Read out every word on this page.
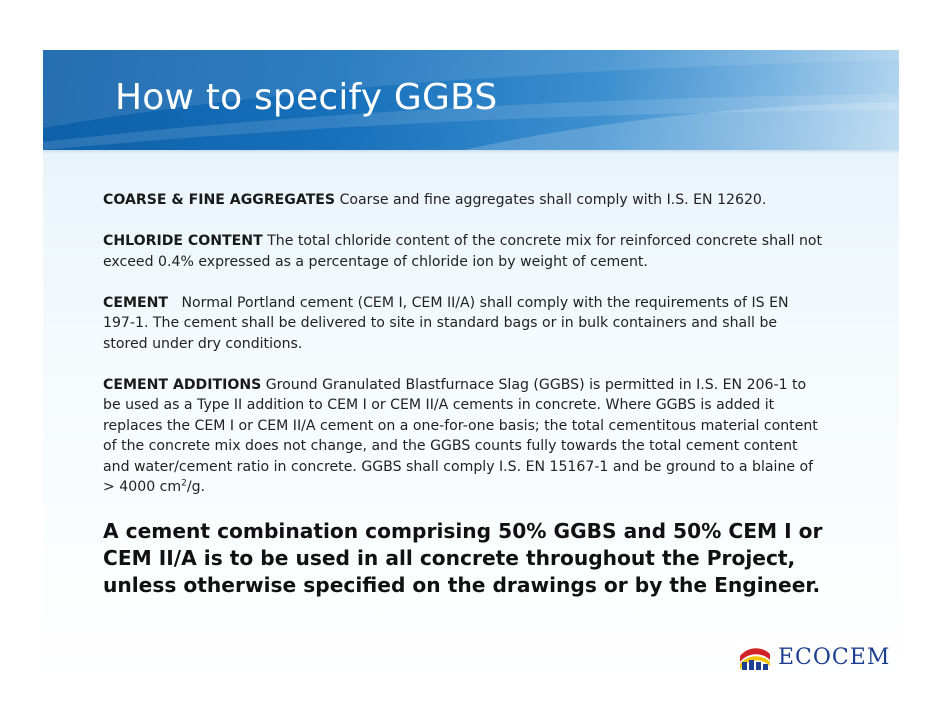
How to specify GGBS

COARSE & FINE AGGREGATES Coarse and fine aggregates shall comply with I.S. EN 12620.

CHLORIDE CONTENT The total chloride content of the concrete mix for reinforced concrete shall not exceed 0.4% expressed as a percentage of chloride ion by weight of cement.

CEMENT Normal Portland cement (CEM I, CEM II/A) shall comply with the requirements of IS EN 197-1. The cement shall be delivered to site in standard bags or in bulk containers and shall be stored under dry conditions.

CEMENT ADDITIONS Ground Granulated Blastfurnace Slag (GGBS) is permitted in I.S. EN 206-1 to be used as a Type II addition to CEM I or CEM II/A cements in concrete. Where GGBS is added it replaces the CEM I or CEM II/A cement on a one-for-one basis; the total cementitous material content of the concrete mix does not change, and the GGBS counts fully towards the total cement content and water/cement ratio in concrete. GGBS shall comply I.S. EN 15167-1 and be ground to a blaine of > 4000 $cm^2/g$.

A cement combination comprising 50% GGBS and 50% CEM I or CEM II/A is to be used in all concrete throughout the Project, unless otherwise specified on the drawings or by the Engineer.

ECOCEM
